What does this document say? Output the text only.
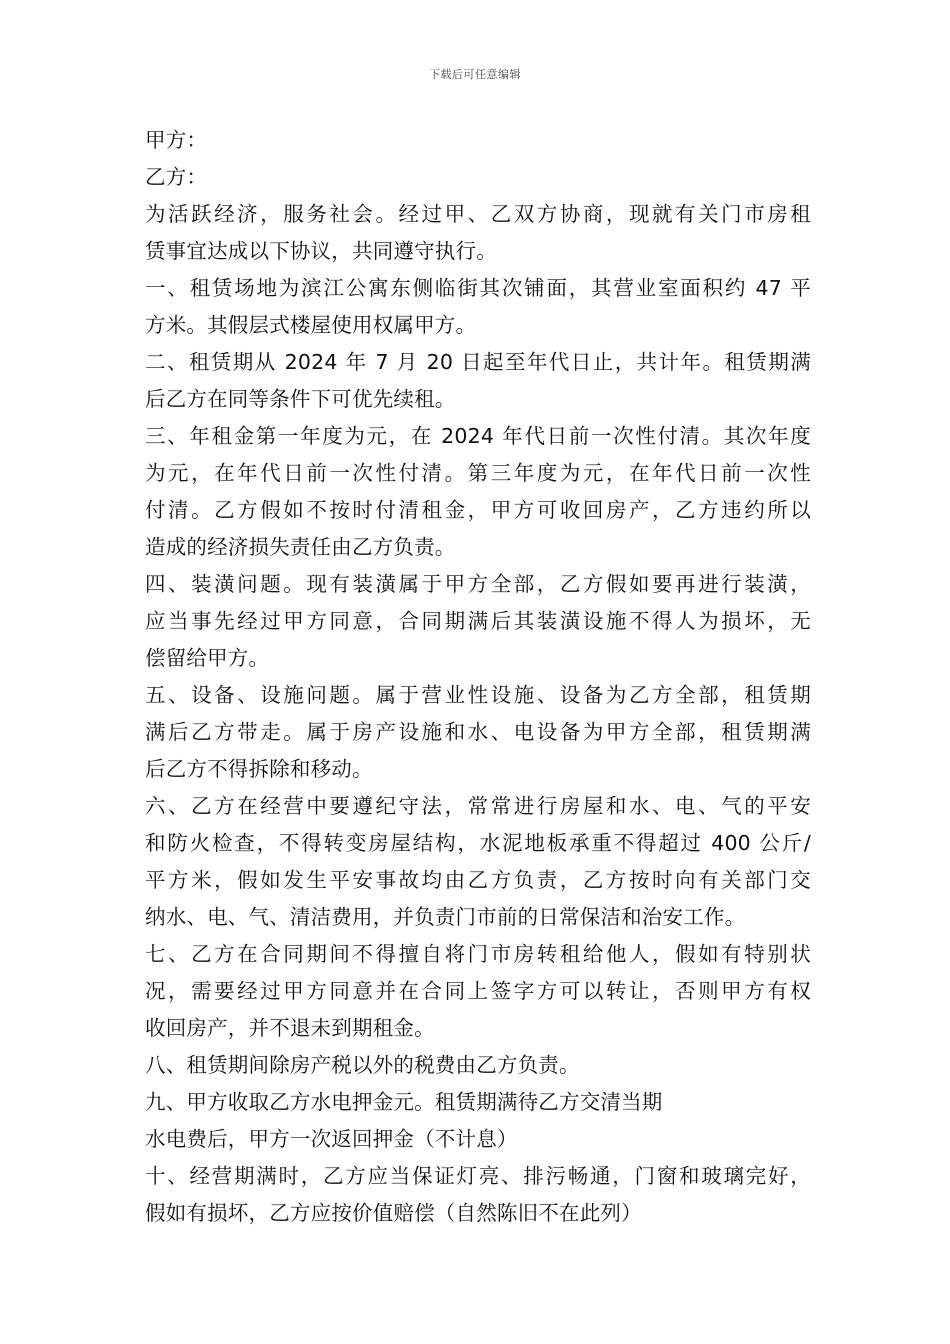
下载后可任意编辑
甲方：
乙方：
为活跃经济，服务社会。经过甲、乙双方协商，现就有关门市房租
赁事宜达成以下协议，共同遵守执行。
一、租赁场地为滨江公寓东侧临街其次铺面，其营业室面积约 47 平
方米。其假层式楼屋使用权属甲方。
二、租赁期从 2024 年 7 月 20 日起至年代日止，共计年。租赁期满
后乙方在同等条件下可优先续租。
三、年租金第一年度为元，在 2024 年代日前一次性付清。其次年度
为元，在年代日前一次性付清。第三年度为元，在年代日前一次性
付清。乙方假如不按时付清租金，甲方可收回房产，乙方违约所以
造成的经济损失责任由乙方负责。
四、装潢问题。现有装潢属于甲方全部，乙方假如要再进行装潢，
应当事先经过甲方同意，合同期满后其装潢设施不得人为损坏，无
偿留给甲方。
五、设备、设施问题。属于营业性设施、设备为乙方全部，租赁期
满后乙方带走。属于房产设施和水、电设备为甲方全部，租赁期满
后乙方不得拆除和移动。
六、乙方在经营中要遵纪守法，常常进行房屋和水、电、气的平安
和防火检查，不得转变房屋结构，水泥地板承重不得超过 400 公斤/
平方米，假如发生平安事故均由乙方负责，乙方按时向有关部门交
纳水、电、气、清洁费用，并负责门市前的日常保洁和治安工作。
七、乙方在合同期间不得擅自将门市房转租给他人，假如有特别状
况，需要经过甲方同意并在合同上签字方可以转让，否则甲方有权
收回房产，并不退未到期租金。
八、租赁期间除房产税以外的税费由乙方负责。
九、甲方收取乙方水电押金元。租赁期满待乙方交清当期
水电费后，甲方一次返回押金（不计息）
十、经营期满时，乙方应当保证灯亮、排污畅通，门窗和玻璃完好，
假如有损坏，乙方应按价值赔偿（自然陈旧不在此列）
